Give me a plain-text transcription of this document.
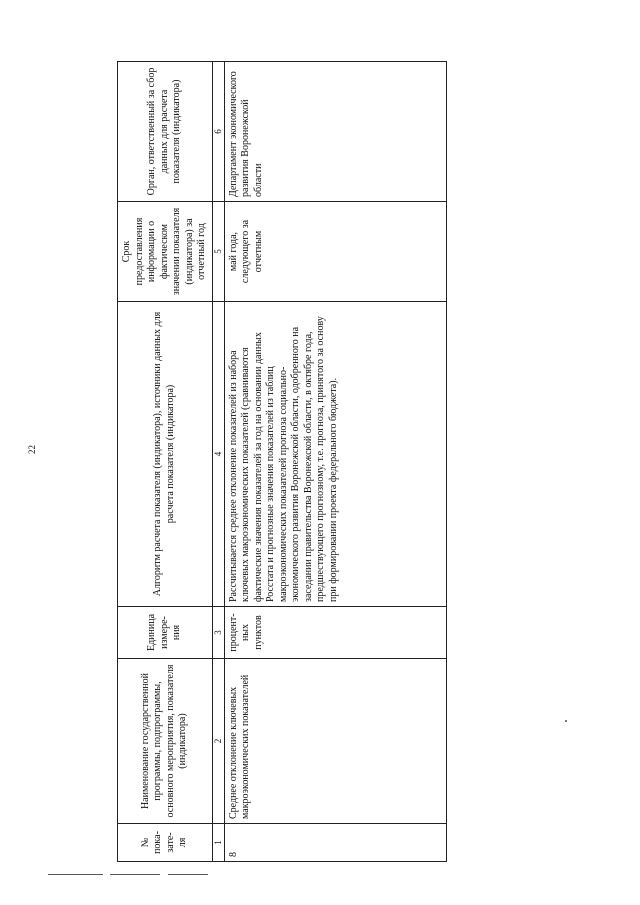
22
№ пока-зате-ля	Наименование государственной программы, подпрограммы, основного мероприятия, показателя (индикатора)	Единица измере-ния	Алгоритм расчета показателя (индикатора), источники данных для расчета показателя (индикатора)	Срок предоставления информации о фактическом значении показателя (индикатора) за отчетный год	Орган, ответственный за сбор данных для расчета показателя (индикатора)
1	2	3	4	5	6
8	Среднее отклонение ключевых макроэкономических показателей	процент-ных пунктов	Рассчитывается среднее отклонение показателей из набора ключевых макроэкономических показателей (сравниваются фактические значения показателей за год на основании данных Росстата и прогнозные значения показателей из таблиц макроэкономических показателей прогноза социально-экономического развития Воронежской области, одобренного на заседании правительства Воронежской области, в октябре года, предшествующего прогнозному, т.е. прогноза, принятого за основу при формировании проекта федерального бюджета).	май года, следующего за отчетным	Департамент экономического развития Воронежской области
